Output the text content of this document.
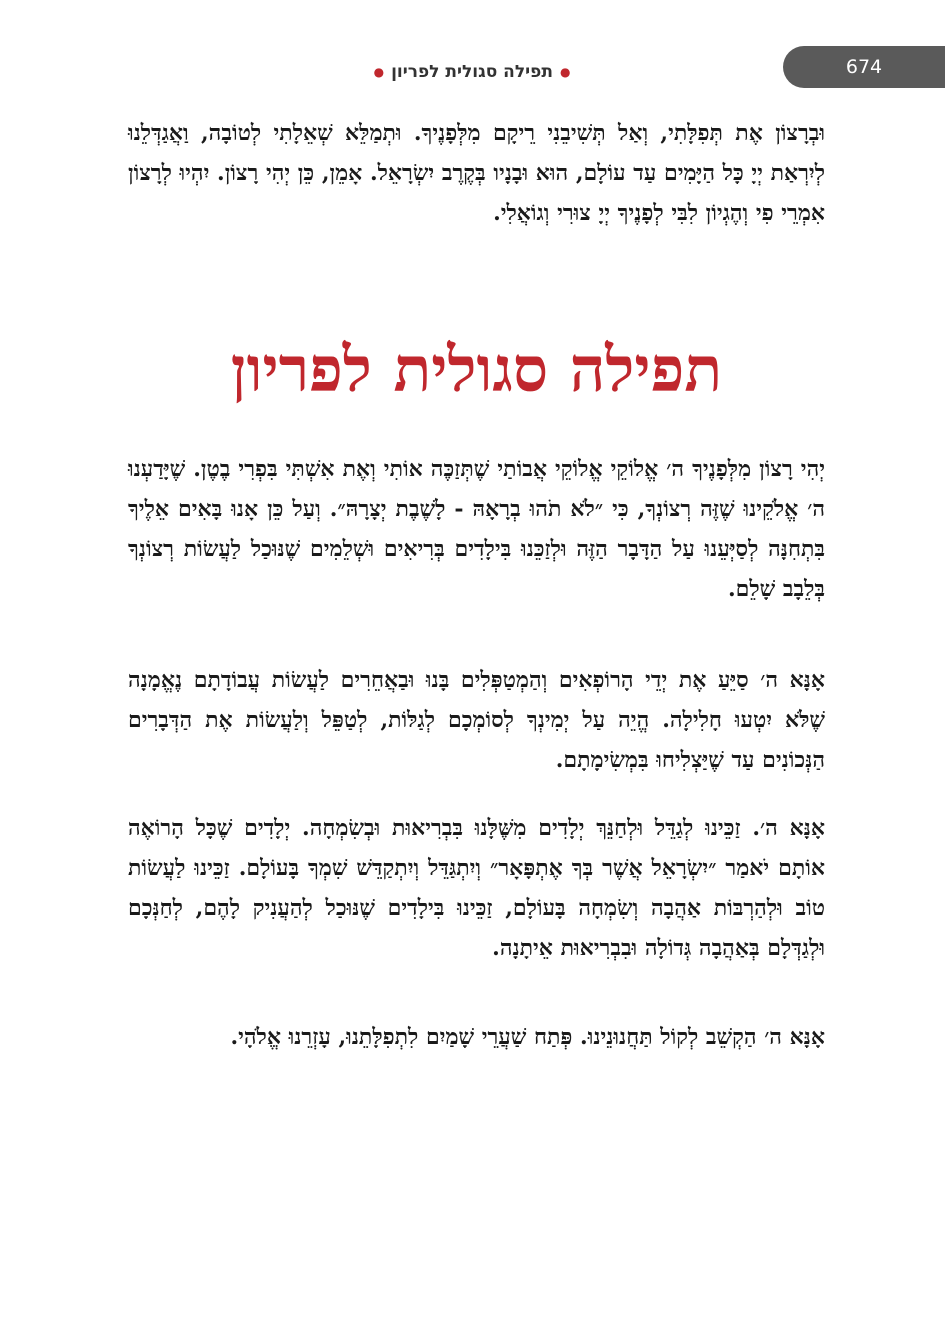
674
●
תפילה סגולית לפריון
●
וּבְרָצוֹן אֶת תְּפִלָּתִי, וְאַל תְּשִׁיבֵנִי רֵיקָם מִלְּפָנֶיךָ. וּתְמַלֵּא שְׁאֵלָתִי לְטוֹבָה, וַאֲגַדְּלֵנוּ לְיִרְאַת יְיָ כָּל הַיָּמִים עַד עוֹלָם, הוּא וּבָנָיו בְּקֶרֶב יִשְׂרָאֵל. אָמֵן, כֵּן יְהִי רָצוֹן. יִהְיוּ לְרָצוֹן אִמְרֵי פִי וְהֶגְיוֹן לִבִּי לְפָנֶיךָ יְיָ צוּרִי וְגוֹאֲלִי.
תפילה סגולית לפריון
יְהִי רָצוֹן מִלְּפָנֶיךָ ה׳ אֱלוֹקֵי אֱלוֹקֵי אֲבוֹתַי שֶׁתְּזַכֶּה אוֹתִי וְאֶת אִשְׁתִּי בִּפְרִי בֶטֶן. שֶׁיָּדַעְנוּ ה׳ אֱלֹקֵינוּ שֶׁזֶּה רְצוֹנְךָ, כִּי ״לֹא תֹהוּ בְרָאָהּ - לָשֶׁבֶת יְצָרָהּ״. וְעַל כֵּן אָנוּ בָּאִים אֵלֶיךָ בִּתְחִנָּה לְסַיְּעֵנוּ עַל הַדָּבָר הַזֶּה וּלְזַכֵּנוּ בִּילָדִים בְּרִיאִים וּשְׁלֵמִים שֶׁנּוּכַל לַעֲשׂוֹת רְצוֹנְךָ בְּלֵבָב שָׁלֵם.
אָנָּא ה׳ סַיֵּעַ אֶת יְדֵי הָרוֹפְאִים וְהַמְטַפְּלִים בָּנוּ וּבַאֲחֵרִים לַעֲשׂוֹת עֲבוֹדָתָם נֶאֱמָנָה שֶׁלֹּא יִטְעוּ חָלִילָה. הֱיֵה עַל יְמִינְךָ לְסוֹמְכָם לְגַלּוֹת, לְטַפֵּל וְלַעֲשׂוֹת אֶת הַדְּבָרִים הַנְּכוֹנִים עַד שֶׁיַּצְלִיחוּ בִּמְשִׂימָתָם.
אָנָּא ה׳. זַכֵּינוּ לְגַדֵּל וּלְחַנֵּךְ יְלָדִים מִשֶּׁלָּנוּ בִּבְרִיאוּת וּבְשִׂמְחָה. יְלָדִים שֶׁכָּל הָרוֹאֶה אוֹתָם יֹאמַר ״יִשְׂרָאֵל אֲשֶׁר בְּךָ אֶתְפָּאָר״ וְיִתְגַּדֵּל וְיִתְקַדֵּשׁ שִׁמְךָ בָּעוֹלָם. זַכֵּינוּ לַעֲשׂוֹת טוֹב וּלְהַרְבּוֹת אַהֲבָה וְשִׂמְחָה בָּעוֹלָם, זַכֵּינוּ בִּילָדִים שֶׁנּוּכַל לְהַעֲנִיק לָהֶם, לְחַנְּכָם וּלְגַדְּלָם בְּאַהֲבָה גְּדוֹלָה וּבִבְרִיאוּת אֵיתָנָה.
אָנָּא ה׳ הַקְשֵׁב לְקוֹל תַּחֲנוּנֵינוּ. פְּתַח שַׁעֲרֵי שָׁמַיִם לִתְפִלָּתֵנוּ, עָזְרֵנוּ אֱלֹהָי.
